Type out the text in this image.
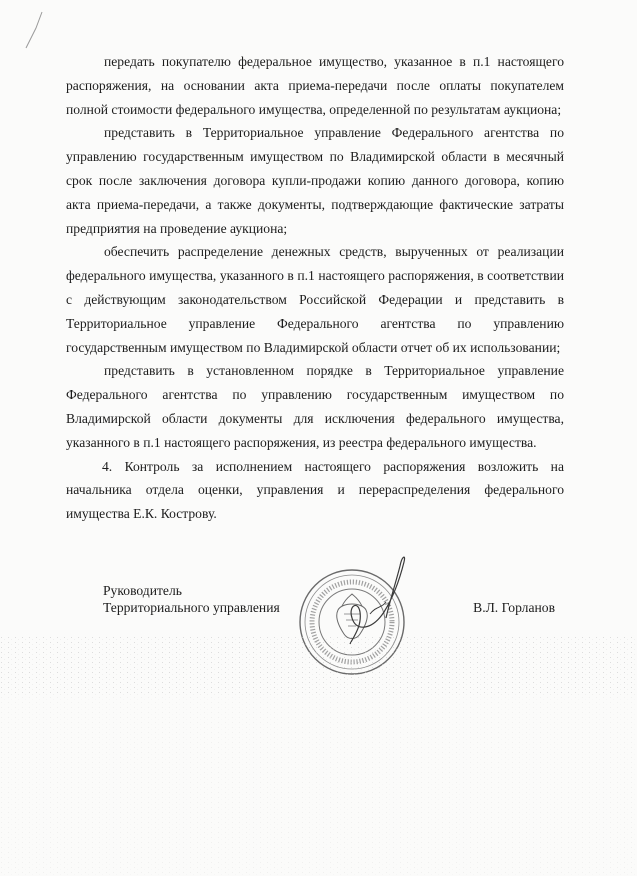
передать покупателю федеральное имущество, указанное в п.1 настоящего распоряжения, на основании акта приема-передачи после оплаты покупателем полной стоимости федерального имущества, определенной по результатам аукциона;

представить в Территориальное управление Федерального агентства по управлению государственным имуществом по Владимирской области в месячный срок после заключения договора купли-продажи копию данного договора, копию акта приема-передачи, а также документы, подтверждающие фактические затраты предприятия на проведение аукциона;

обеспечить распределение денежных средств, вырученных от реализации федерального имущества, указанного в п.1 настоящего распоряжения, в соответствии с действующим законодательством Российской Федерации и представить в Территориальное управление Федерального агентства по управлению государственным имуществом по Владимирской области отчет об их использовании;

представить в установленном порядке в Территориальное управление Федерального агентства по управлению государственным имуществом по Владимирской области документы для исключения федерального имущества, указанного в п.1 настоящего распоряжения, из реестра федерального имущества.

4. Контроль за исполнением настоящего распоряжения возложить на начальника отдела оценки, управления и перераспределения федерального имущества Е.К. Кострову.

Руководитель
Территориального управления	В.Л. Горланов
